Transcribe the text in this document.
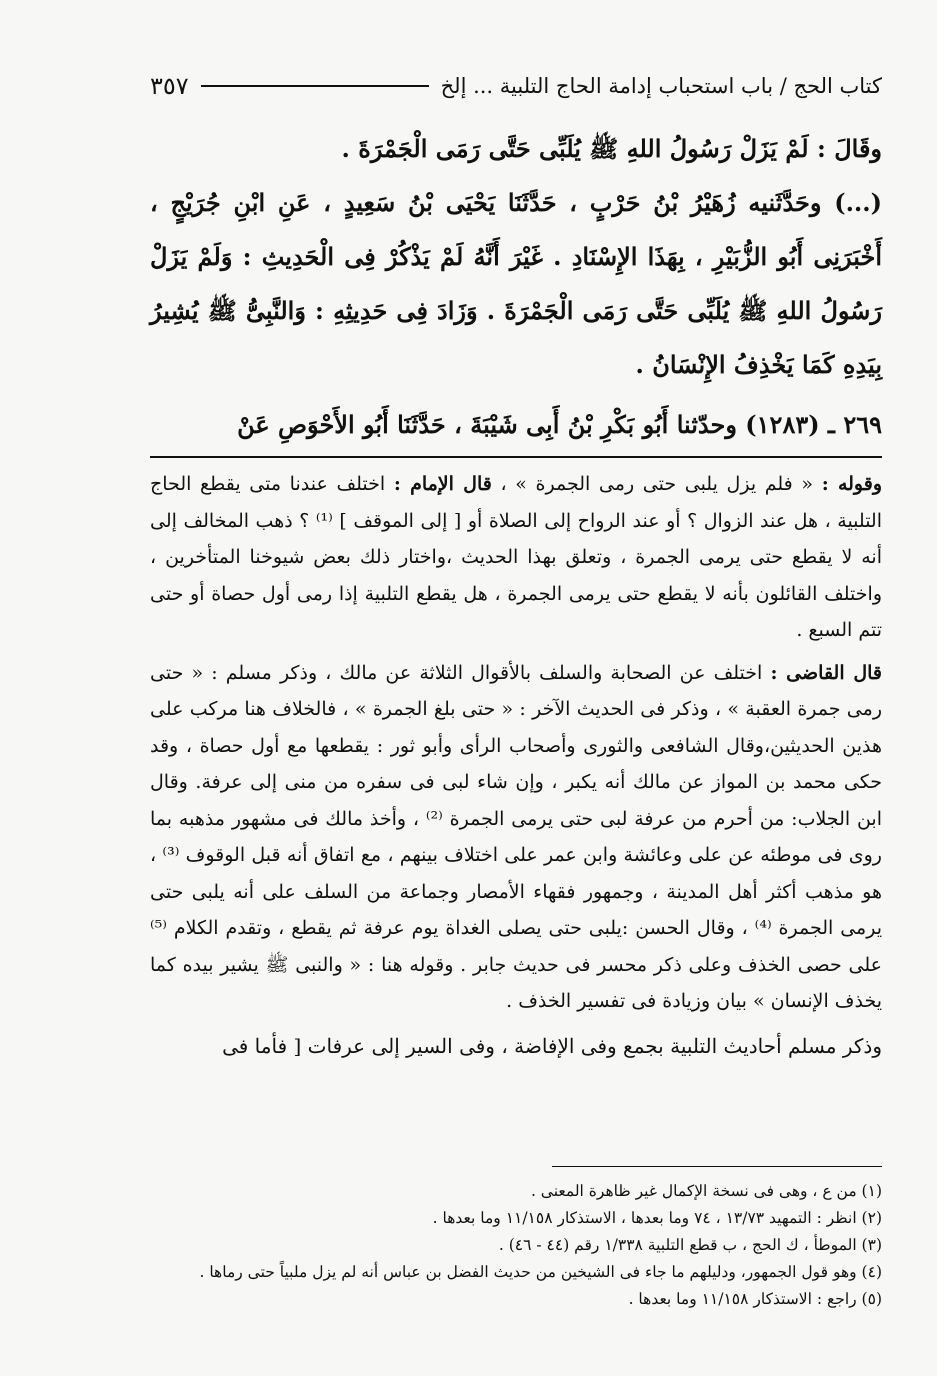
كتاب الحج / باب استحباب إدامة الحاج التلبية ... إلخ
٣٥٧

وقَالَ : لَمْ يَزَلْ رَسُولُ اللهِ ﷺ يُلَبِّى حَتَّى رَمَى الْجَمْرَةَ .

(...) وحَدَّثَنيه زُهَيْرُ بْنُ حَرْبٍ ، حَدَّثَنَا يَحْيَى بْنُ سَعِيدٍ ، عَنِ ابْنِ جُرَيْجٍ ، أَخْبَرَنِى أَبُو الزُّبَيْرِ ، بِهَذَا الإِسْنَادِ . غَيْرَ أَنَّهُ لَمْ يَذْكُرْ فِى الْحَدِيثِ : وَلَمْ يَزَلْ رَسُولُ اللهِ ﷺ يُلَبِّى حَتَّى رَمَى الْجَمْرَةَ . وَزَادَ فِى حَدِيثِهِ : وَالنَّبِىُّ ﷺ يُشِيرُ بِيَدِهِ كَمَا يَخْذِفُ الإِنْسَانُ .

٢٦٩ ـ (١٢٨٣) وحدّثنا أَبُو بَكْرِ بْنُ أَبِى شَيْبَةَ ، حَدَّثَنَا أَبُو الأَحْوَصِ عَنْ

وقوله : « فلم يزل يلبى حتى رمى الجمرة » ، قال الإمام : اختلف عندنا متى يقطع الحاج التلبية ، هل عند الزوال ؟ أو عند الرواح إلى الصلاة أو [ إلى الموقف ] ⁽¹⁾ ؟ ذهب المخالف إلى أنه لا يقطع حتى يرمى الجمرة ، وتعلق بهذا الحديث ،واختار ذلك بعض شيوخنا المتأخرين ، واختلف القائلون بأنه لا يقطع حتى يرمى الجمرة ، هل يقطع التلبية إذا رمى أول حصاة أو حتى تتم السبع .

قال القاضى : اختلف عن الصحابة والسلف بالأقوال الثلاثة عن مالك ، وذكر مسلم : « حتى رمى جمرة العقبة » ، وذكر فى الحديث الآخر : « حتى بلغ الجمرة » ، فالخلاف هنا مركب على هذين الحديثين،وقال الشافعى والثورى وأصحاب الرأى وأبو ثور : يقطعها مع أول حصاة ، وقد حكى محمد بن المواز عن مالك أنه يكبر ، وإن شاء لبى فى سفره من منى إلى عرفة. وقال ابن الجلاب: من أحرم من عرفة لبى حتى يرمى الجمرة ⁽²⁾ ، وأخذ مالك فى مشهور مذهبه بما روى فى موطئه عن على وعائشة وابن عمر على اختلاف بينهم ، مع اتفاق أنه قبل الوقوف ⁽³⁾ ، هو مذهب أكثر أهل المدينة ، وجمهور فقهاء الأمصار وجماعة من السلف على أنه يلبى حتى يرمى الجمرة ⁽⁴⁾ ، وقال الحسن :يلبى حتى يصلى الغداة يوم عرفة ثم يقطع ، وتقدم الكلام ⁽⁵⁾ على حصى الخذف وعلى ذكر محسر فى حديث جابر . وقوله هنا : « والنبى ﷺ يشير بيده كما يخذف الإنسان » بيان وزيادة فى تفسير الخذف .

وذكر مسلم أحاديث التلبية بجمع وفى الإفاضة ، وفى السير إلى عرفات [ فأما فى

(١) من ع ، وهى فى نسخة الإكمال غير ظاهرة المعنى .
(٢) انظر : التمهيد ١٣/٧٣ ، ٧٤ وما بعدها ، الاستذكار ١١/١٥٨ وما بعدها .
(٣) الموطأ ، ك الحج ، ب قطع التلبية ١/٣٣٨ رقم (٤٤ - ٤٦) .
(٤) وهو قول الجمهور، ودليلهم ما جاء فى الشيخين من حديث الفضل بن عباس أنه لم يزل ملبياً حتى رماها .
(٥) راجع : الاستذكار ١١/١٥٨ وما بعدها .
